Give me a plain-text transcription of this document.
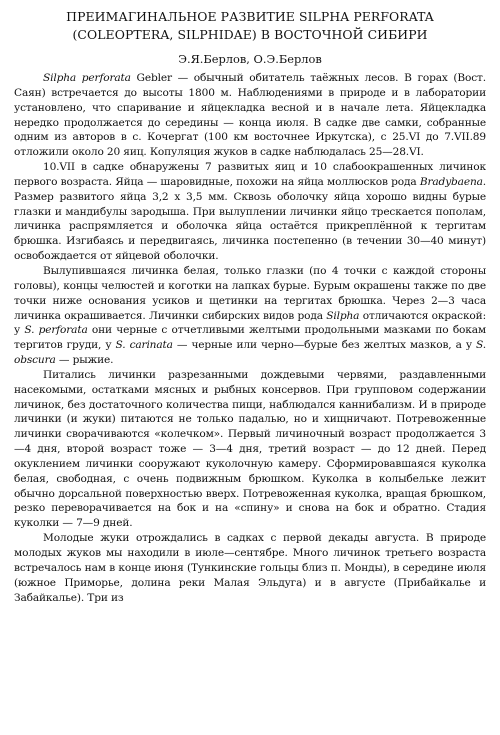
ПРЕИМАГИНАЛЬНОЕ РАЗВИТИЕ SILPHA PERFORATA
(COLEOPTERA, SILPHIDAE) В ВОСТОЧНОЙ СИБИРИ
Э.Я.Берлов, О.Э.Берлов

Silpha perforata Gebler — обычный обитатель таёжных лесов. В горах (Вост. Саян) встречается до высоты 1800 м. Наблюдениями в природе и в лаборатории установлено, что спаривание и яйцекладка весной и в начале лета. Яйцекладка нередко продолжается до середины — конца июля. В садке две самки, собранные одним из авторов в с. Кочергат (100 км восточнее Иркутска), с 25.VI до 7.VII.89 отложили около 20 яиц. Копуляция жуков в садке наблюдалась 25—28.VI.

10.VII в садке обнаружены 7 развитых яиц и 10 слабоокрашенных личинок первого возраста. Яйца — шаровидные, похожи на яйца моллюсков рода Bradybaena. Размер развитого яйца 3,2 х 3,5 мм. Сквозь оболочку яйца хорошо видны бурые глазки и мандибулы зародыша. При вылуплении личинки яйцо трескается пополам, личинка распрямляется и оболочка яйца остаётся прикреплённой к тергитам брюшка. Изгибаясь и передвигаясь, личинка постепенно (в течении 30—40 минут) освобождается от яйцевой оболочки.

Вылупившаяся личинка белая, только глазки (по 4 точки с каждой стороны головы), концы челюстей и коготки на лапках бурые. Бурым окрашены также по две точки ниже основания усиков и щетинки на тергитах брюшка. Через 2—3 часа личинка окрашивается. Личинки сибирских видов рода Silpha отличаются окраской: у S. perforata они черные с отчетливыми желтыми продольными мазками по бокам тергитов груди, у S. carinata — черные или черно—бурые без желтых мазков, а у S. obscura — рыжие.

Питались личинки разрезанными дождевыми червями, раздавленными насекомыми, остатками мясных и рыбных консервов. При групповом содержании личинок, без достаточного количества пищи, наблюдался каннибализм. И в природе личинки (и жуки) питаются не только падалью, но и хищничают. Потревоженные личинки сворачиваются «колечком». Первый личиночный возраст продолжается 3—4 дня, второй возраст тоже — 3—4 дня, третий возраст — до 12 дней. Перед окуклением личинки сооружают куколочную камеру. Сформировавшаяся куколка белая, свободная, с очень подвижным брюшком. Куколка в колыбельке лежит обычно дорсальной поверхностью вверх. Потревоженная куколка, вращая брюшком, резко переворачивается на бок и на «спину» и снова на бок и обратно. Стадия куколки — 7—9 дней.

Молодые жуки отрождались в садках с первой декады августа. В природе молодых жуков мы находили в июле—сентябре. Много личинок третьего возраста встречалось нам в конце июня (Тункинские гольцы близ п. Монды), в середине июля (южное Приморье, долина реки Малая Эльдуга) и в августе (Прибайкалье и Забайкалье). Три из
